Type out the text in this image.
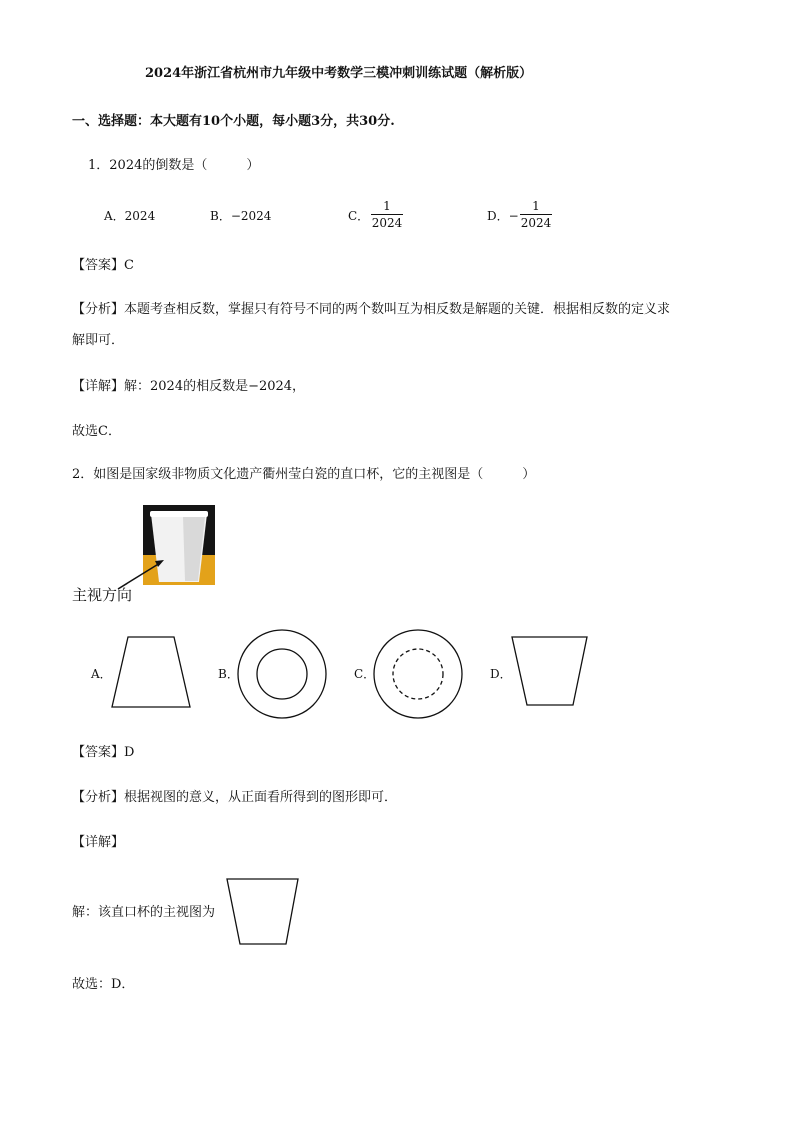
2024年浙江省杭州市九年级中考数学三模冲刺训练试题（解析版）
一、选择题：本大题有10个小题，每小题3分，共30分.
1．2024的倒数是（　　　）
A．2024	B．−2024	C．
1
2024	D．−
1
2024
【答案】C
【分析】本题考查相反数，掌握只有符号不同的两个数叫互为相反数是解题的关键．根据相反数的定义求
解即可．
【详解】解：2024的相反数是−2024，
故选C．
2．如图是国家级非物质文化遗产衢州莹白瓷的直口杯，它的主视图是（　　　）
主视方向
A．	B．	C．	D．
【答案】D
【分析】根据视图的意义，从正面看所得到的图形即可．
【详解】
解：该直口杯的主视图为
故选：D．
